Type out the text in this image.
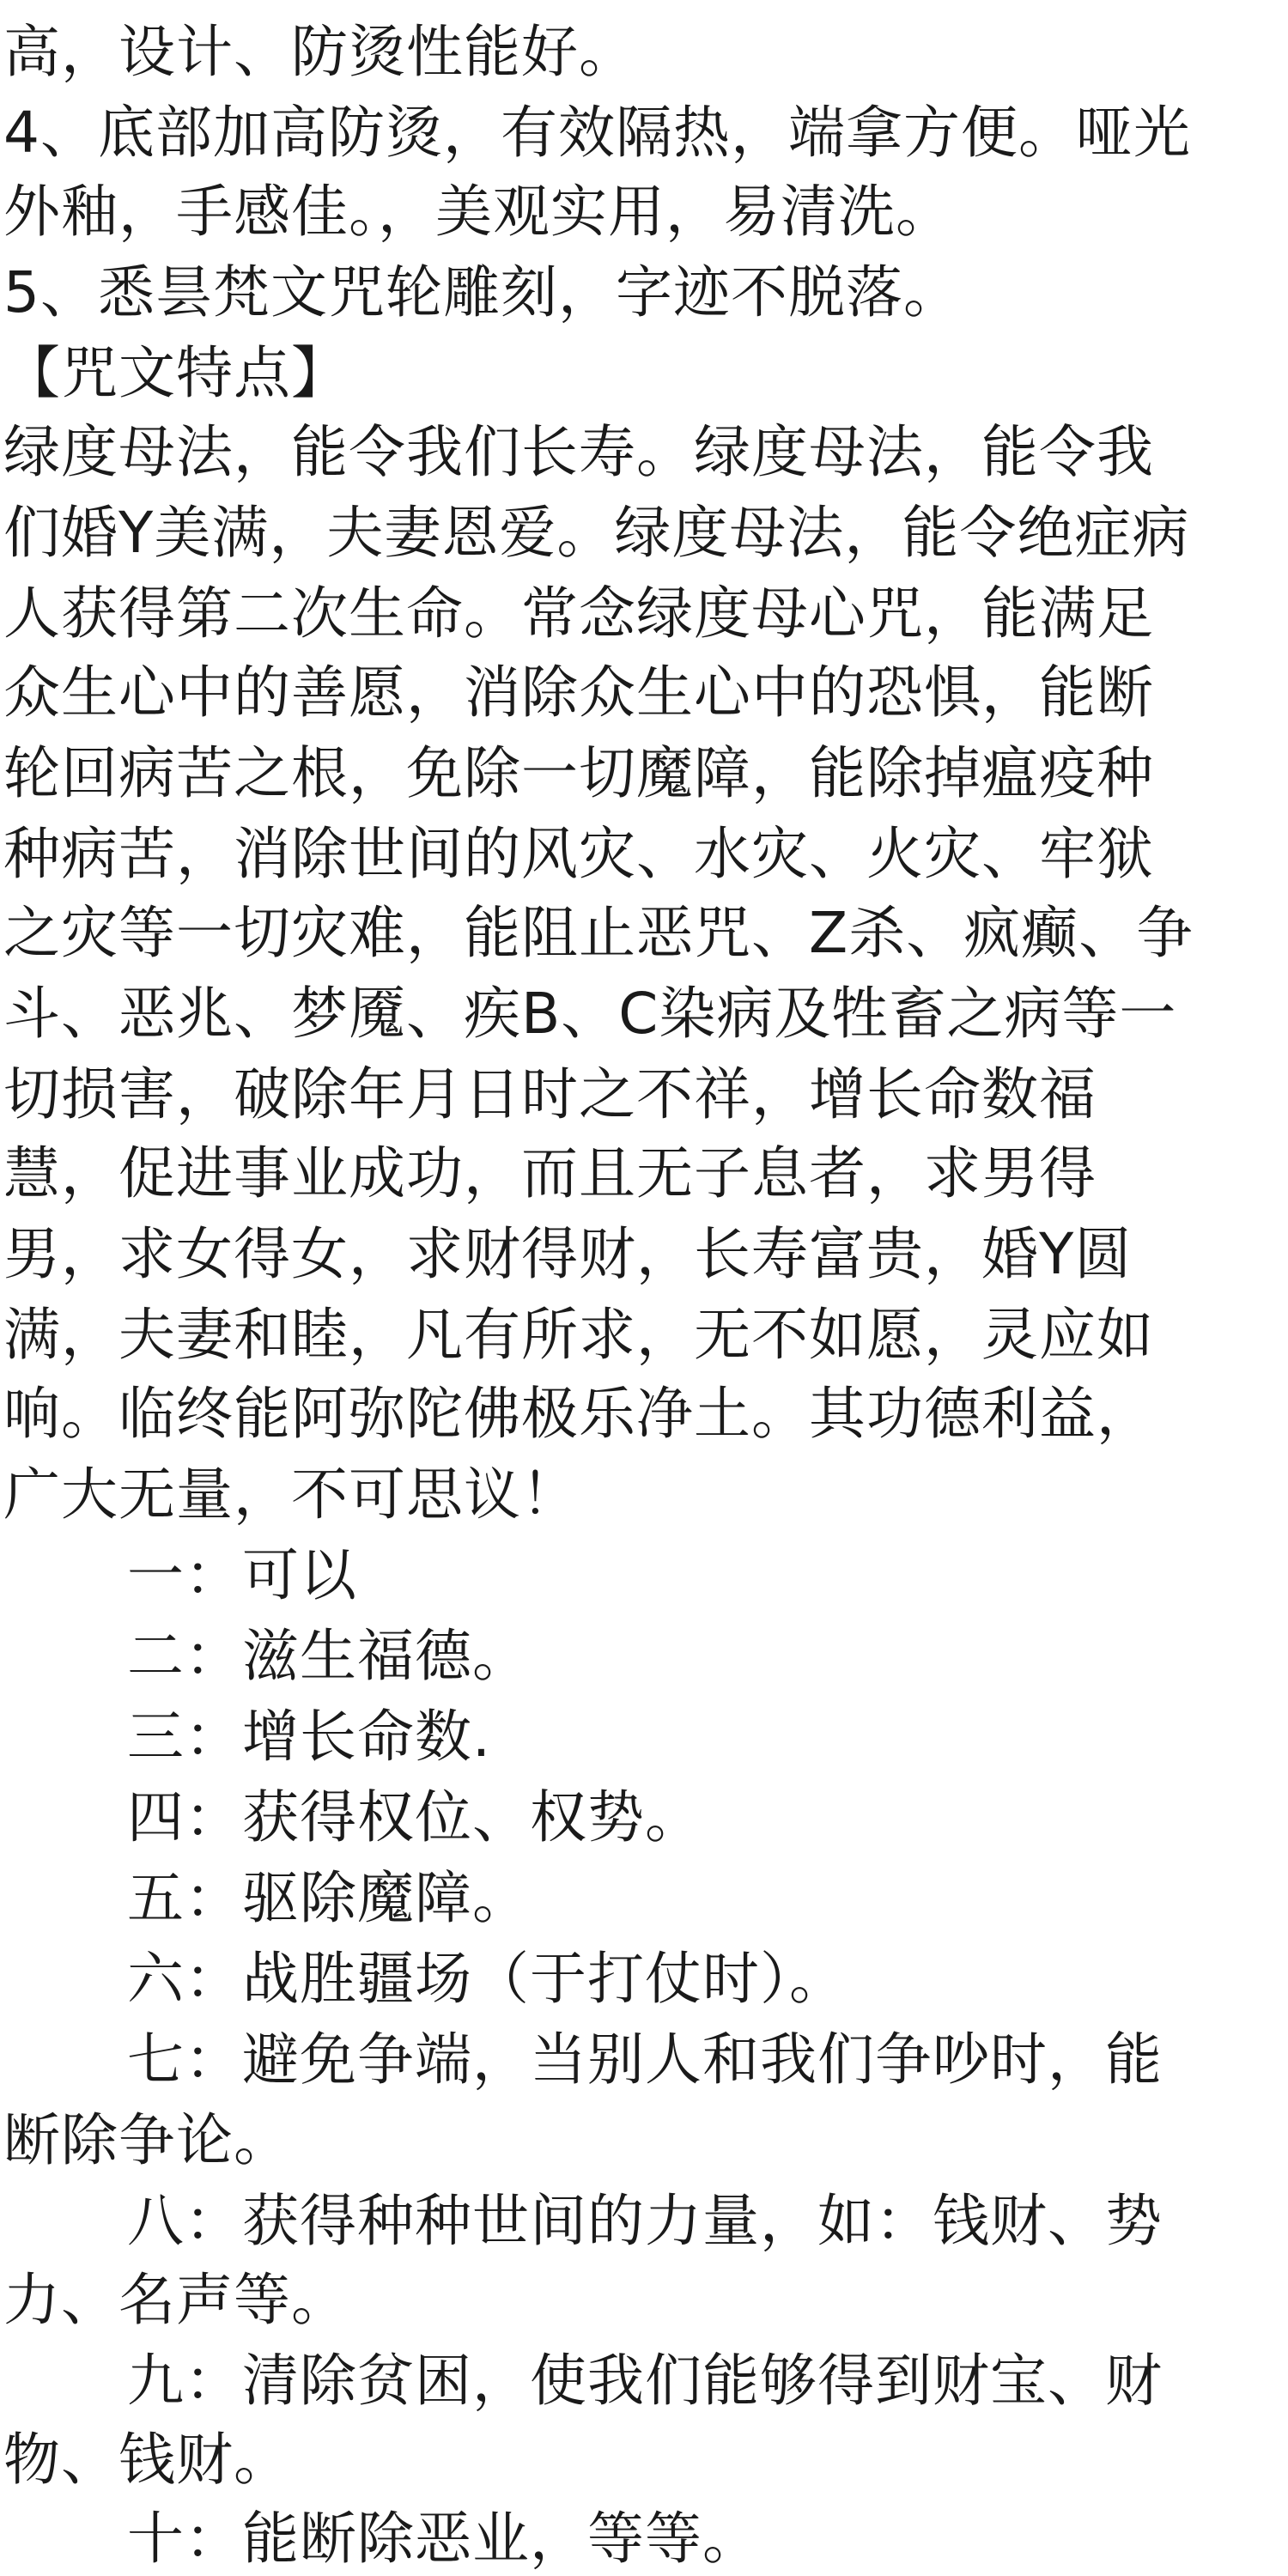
高，设计、防烫性能好。
4、底部加高防烫，有效隔热，端拿方便。哑光
外釉，手感佳。，美观实用，易清洗。
5、悉昙梵文咒轮雕刻，字迹不脱落。
【咒文特点】
绿度母法，能令我们长寿。绿度母法，能令我
们婚Y美满，夫妻恩爱。绿度母法，能令绝症病
人获得第二次生命。常念绿度母心咒，能满足
众生心中的善愿，消除众生心中的恐惧，能断
轮回病苦之根，免除一切魔障，能除掉瘟疫种
种病苦，消除世间的风灾、水灾、火灾、牢狱
之灾等一切灾难，能阻止恶咒、Z杀、疯癫、争
斗、恶兆、梦魇、疾B、C染病及牲畜之病等一
切损害，破除年月日时之不祥，增长命数福
慧，促进事业成功，而且无子息者，求男得
男，求女得女，求财得财，长寿富贵，婚Y圆
满，夫妻和睦，凡有所求，无不如愿，灵应如
响。临终能阿弥陀佛极乐净土。其功德利益，
广大无量，不可思议！
一：可以
二：滋生福德。
三：增长命数.
四：获得权位、权势。
五：驱除魔障。
六：战胜疆场（于打仗时）。
七：避免争端，当别人和我们争吵时，能
断除争论。
八：获得种种世间的力量，如：钱财、势
力、名声等。
九：清除贫困，使我们能够得到财宝、财
物、钱财。
十：能断除恶业，等等。
